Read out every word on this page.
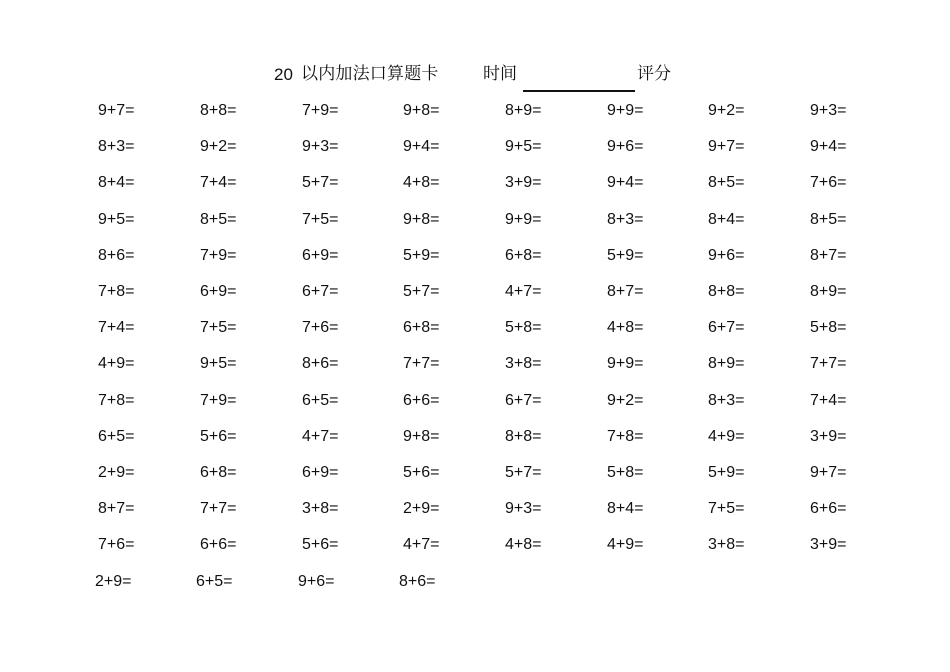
20 以内加法口算题卡	时间	评分
9+7=	8+8=	7+9=	9+8=	8+9=	9+9=	9+2=	9+3=
8+3=	9+2=	9+3=	9+4=	9+5=	9+6=	9+7=	9+4=
8+4=	7+4=	5+7=	4+8=	3+9=	9+4=	8+5=	7+6=
9+5=	8+5=	7+5=	9+8=	9+9=	8+3=	8+4=	8+5=
8+6=	7+9=	6+9=	5+9=	6+8=	5+9=	9+6=	8+7=
7+8=	6+9=	6+7=	5+7=	4+7=	8+7=	8+8=	8+9=
7+4=	7+5=	7+6=	6+8=	5+8=	4+8=	6+7=	5+8=
4+9=	9+5=	8+6=	7+7=	3+8=	9+9=	8+9=	7+7=
7+8=	7+9=	6+5=	6+6=	6+7=	9+2=	8+3=	7+4=
6+5=	5+6=	4+7=	9+8=	8+8=	7+8=	4+9=	3+9=
2+9=	6+8=	6+9=	5+6=	5+7=	5+8=	5+9=	9+7=
8+7=	7+7=	3+8=	2+9=	9+3=	8+4=	7+5=	6+6=
7+6=	6+6=	5+6=	4+7=	4+8=	4+9=	3+8=	3+9=
2+9=	6+5=	9+6=	8+6=
